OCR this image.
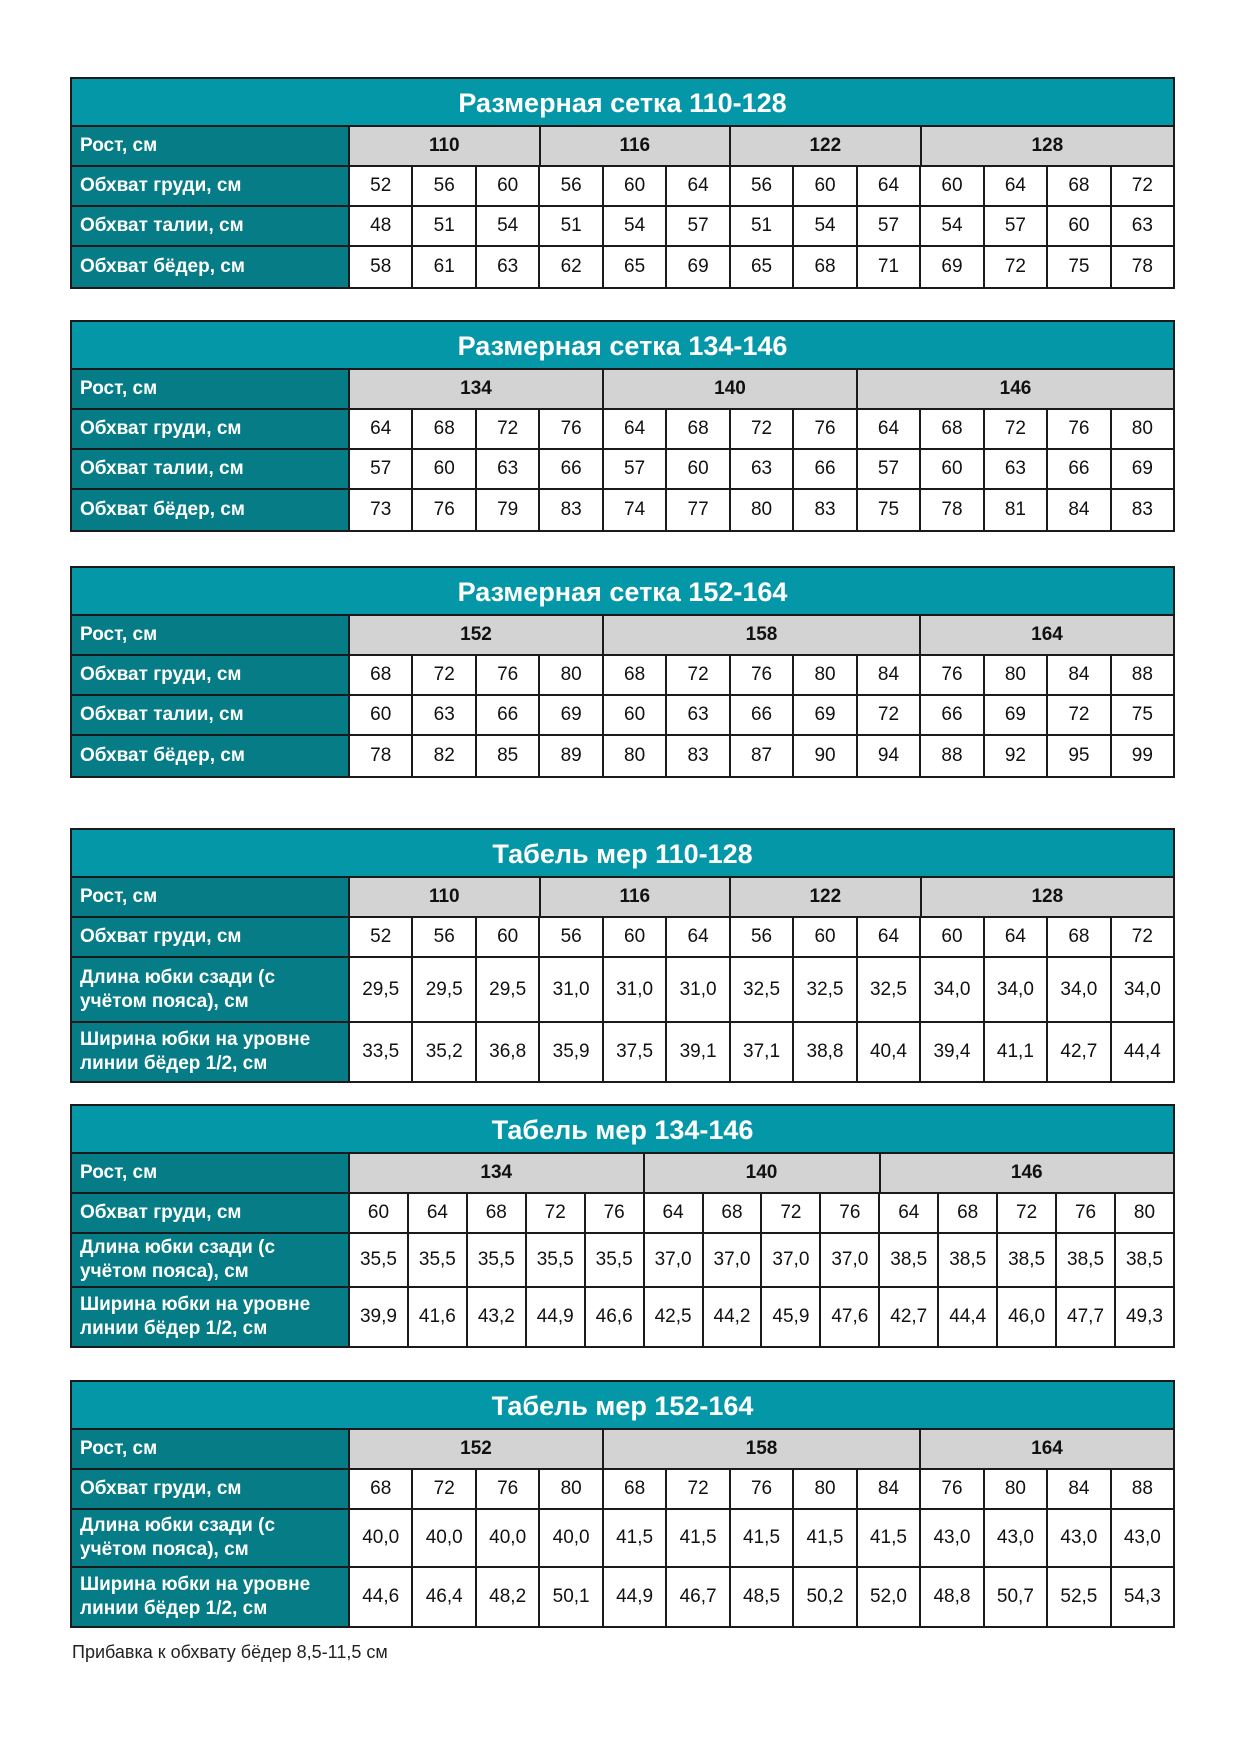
Размерная сетка 110-128
Рост, см	110	116	122	128
Обхват груди, см	52	56	60	56	60	64	56	60	64	60	64	68	72
Обхват талии, см	48	51	54	51	54	57	51	54	57	54	57	60	63
Обхват бёдер, см	58	61	63	62	65	69	65	68	71	69	72	75	78
Размерная сетка 134-146
Рост, см	134	140	146
Обхват груди, см	64	68	72	76	64	68	72	76	64	68	72	76	80
Обхват талии, см	57	60	63	66	57	60	63	66	57	60	63	66	69
Обхват бёдер, см	73	76	79	83	74	77	80	83	75	78	81	84	83
Размерная сетка 152-164
Рост, см	152	158	164
Обхват груди, см	68	72	76	80	68	72	76	80	84	76	80	84	88
Обхват талии, см	60	63	66	69	60	63	66	69	72	66	69	72	75
Обхват бёдер, см	78	82	85	89	80	83	87	90	94	88	92	95	99
Табель мер 110-128
Рост, см	110	116	122	128
Обхват груди, см	52	56	60	56	60	64	56	60	64	60	64	68	72
Длина юбки сзади (с учётом пояса), см
29,5	29,5	29,5	31,0	31,0	31,0	32,5	32,5	32,5	34,0	34,0	34,0	34,0
Ширина юбки на уровне линии бёдер 1/2, см
33,5	35,2	36,8	35,9	37,5	39,1	37,1	38,8	40,4	39,4	41,1	42,7	44,4
Табель мер 134-146
Рост, см	134	140	146
Обхват груди, см	60	64	68	72	76	64	68	72	76	64	68	72	76	80
Длина юбки сзади (с учётом пояса), см
35,5	35,5	35,5	35,5	35,5	37,0	37,0	37,0	37,0	38,5	38,5	38,5	38,5	38,5
Ширина юбки на уровне линии бёдер 1/2, см
39,9	41,6	43,2	44,9	46,6	42,5	44,2	45,9	47,6	42,7	44,4	46,0	47,7	49,3
Табель мер 152-164
Рост, см	152	158	164
Обхват груди, см	68	72	76	80	68	72	76	80	84	76	80	84	88
Длина юбки сзади (с учётом пояса), см
40,0	40,0	40,0	40,0	41,5	41,5	41,5	41,5	41,5	43,0	43,0	43,0	43,0
Ширина юбки на уровне линии бёдер 1/2, см
44,6	46,4	48,2	50,1	44,9	46,7	48,5	50,2	52,0	48,8	50,7	52,5	54,3
Прибавка к обхвату бёдер 8,5-11,5 см
